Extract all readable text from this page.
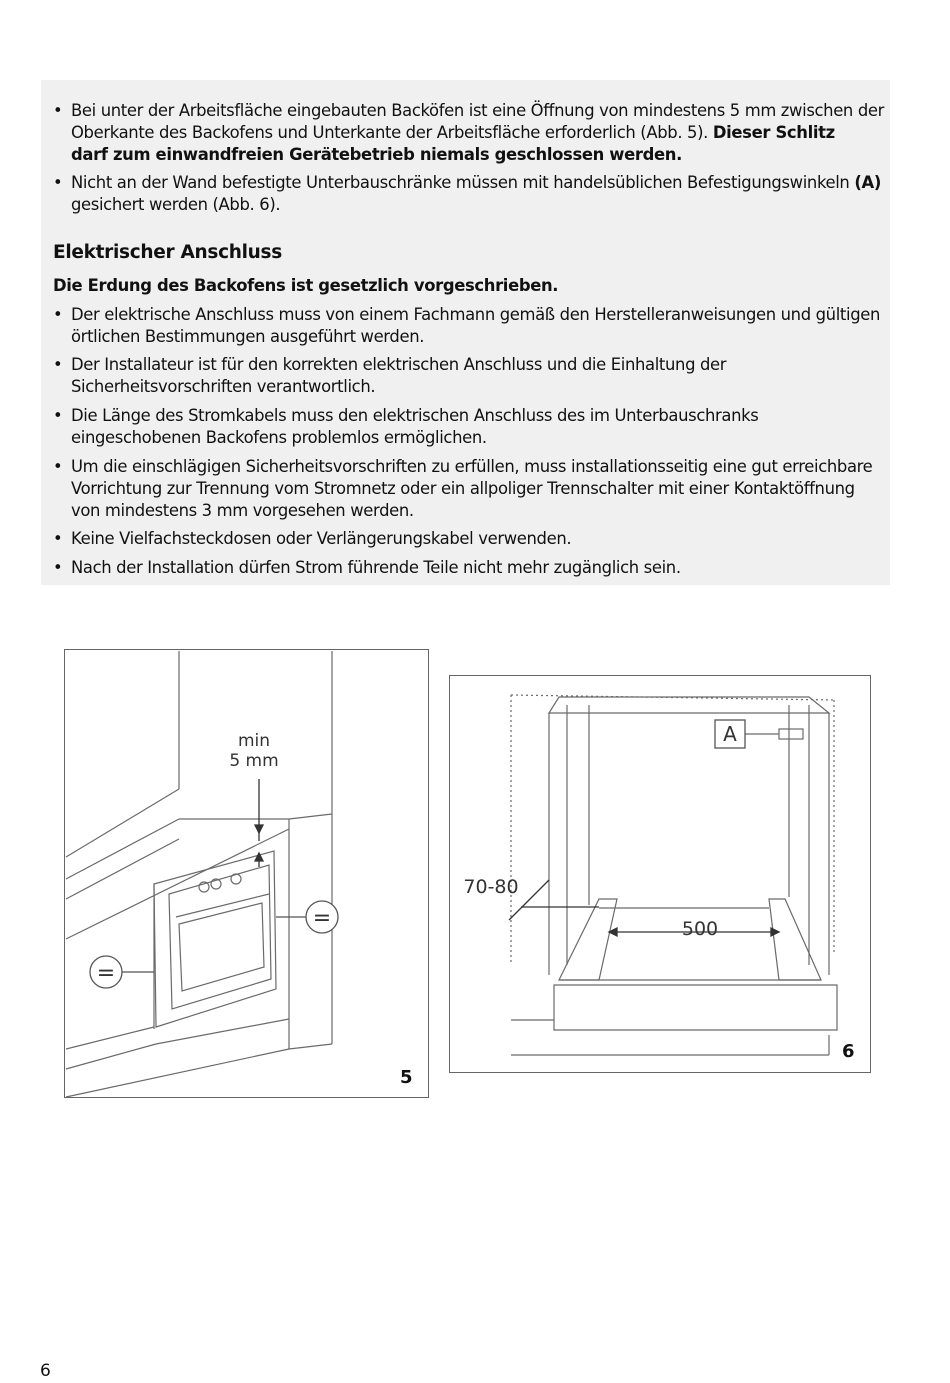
• Bei unter der Arbeitsfläche eingebauten Backöfen ist eine Öffnung von mindestens 5 mm zwischen der
Oberkante des Backofens und Unterkante der Arbeitsfläche erforderlich (Abb. 5). Dieser Schlitz
darf zum einwandfreien Gerätebetrieb niemals geschlossen werden.
• Nicht an der Wand befestigte Unterbauschränke müssen mit handelsüblichen Befestigungswinkeln (A)
gesichert werden (Abb. 6).
Elektrischer Anschluss
Die Erdung des Backofens ist gesetzlich vorgeschrieben.
• Der elektrische Anschluss muss von einem Fachmann gemäß den Herstelleranweisungen und gültigen
örtlichen Bestimmungen ausgeführt werden.
• Der Installateur ist für den korrekten elektrischen Anschluss und die Einhaltung der
Sicherheitsvorschriften verantwortlich.
• Die Länge des Stromkabels muss den elektrischen Anschluss des im Unterbauschranks
eingeschobenen Backofens problemlos ermöglichen.
• Um die einschlägigen Sicherheitsvorschriften zu erfüllen, muss installationsseitig eine gut erreichbare
Vorrichtung zur Trennung vom Stromnetz oder ein allpoliger Trennschalter mit einer Kontaktöffnung
von mindestens 3 mm vorgesehen werden.
• Keine Vielfachsteckdosen oder Verlängerungskabel verwenden.
• Nach der Installation dürfen Strom führende Teile nicht mehr zugänglich sein.
=
=
min
5 mm
5
A
70-80
500
6
6
